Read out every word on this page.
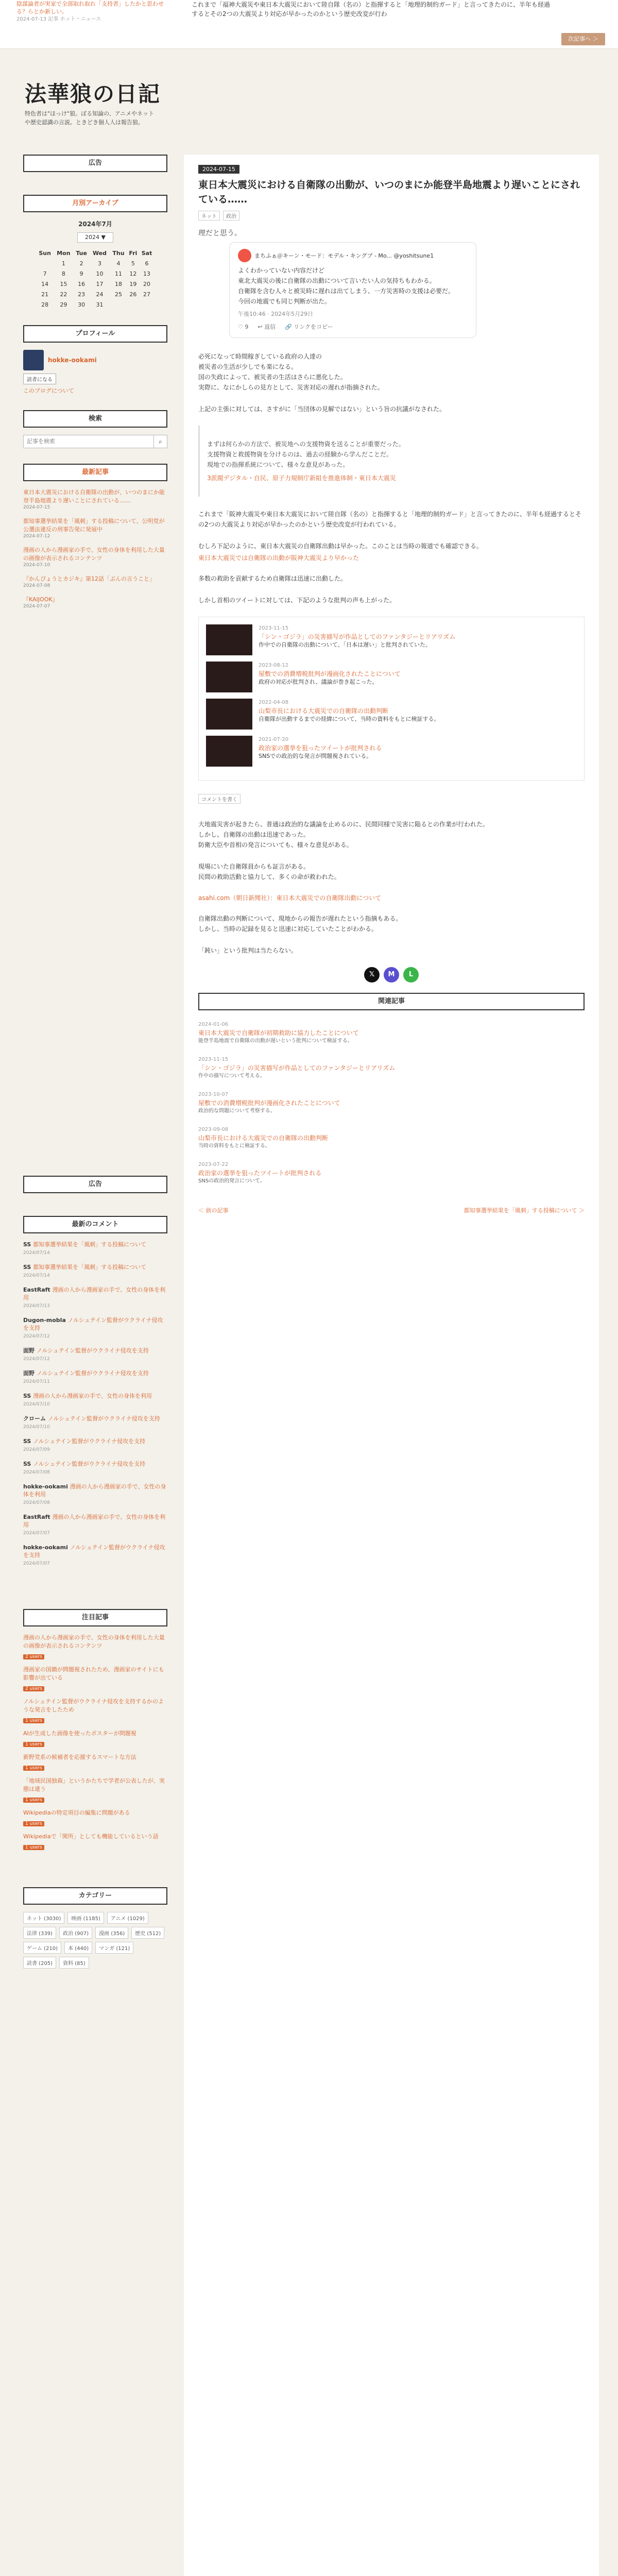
陰謀論者が実家で全部取れ取れ「支持者」したかと思わせる？らとか新しい。
2024-07-13 記事 ホット・ニュース
これまで「福神大震災や東日本大震災において陸自隊（名の）と指揮すると「地理的制約ガード」と言ってきたのに、半年も経過するとその2つの大震災より対応が早かったのかという歴史改変が行わ
次記事へ ＞
法華狼の日記
特色者は"ほっけ"狼。ぼる知論の、アニメやネットや歴史認識の言説。ときどき個人人は報告狼。
広告
月別アーカイブ
2024年7月
2024 ▼
Sun	Mon	Tue	Wed	Thu	Fri	Sat
	1	2	3	4	5	6
7	8	9	10	11	12	13
14	15	16	17	18	19	20
21	22	23	24	25	26	27
28	29	30	31			
プロフィール
hokke-ookami
読者になる
このブログについて
検索
記事を検索
⌕
最新記事
東日本大震災における自衛隊の出動が、いつのまにか能登半島地震より遅いことにされている……
2024-07-15
都知事選挙結果を「風刺」する投稿について、公明党が公選法違反の刑事告発に発展中
2024-07-12
漫画の人から漫画家の手で、女性の身体を利用した大量の画像が表示されるコンテンツ
2024-07-10
『かんぴょうとカジキ』第12話「ぶんの言うこと」
2024-07-08
『KAIJOOK』
2024-07-07
広告
最新のコメント
SS 都知事選挙結果を「風刺」する投稿について
2024/07/14
SS 都知事選挙結果を「風刺」する投稿について
2024/07/14
EastRaft 漫画の人から漫画家の手で、女性の身体を利用
2024/07/13
Dugon-mobla ノルシュテイン監督がウクライナ侵攻を支持
2024/07/12
面野 ノルシュテイン監督がウクライナ侵攻を支持
2024/07/12
面野 ノルシュテイン監督がウクライナ侵攻を支持
2024/07/11
SS 漫画の人から漫画家の手で、女性の身体を利用
2024/07/10
クローム ノルシュテイン監督がウクライナ侵攻を支持
2024/07/10
SS ノルシュテイン監督がウクライナ侵攻を支持
2024/07/09
SS ノルシュテイン監督がウクライナ侵攻を支持
2024/07/08
hokke-ookami 漫画の人から漫画家の手で、女性の身体を利用
2024/07/08
EastRaft 漫画の人から漫画家の手で、女性の身体を利用
2024/07/07
hokke-ookami ノルシュテイン監督がウクライナ侵攻を支持
2024/07/07
注目記事
漫画の人から漫画家の手で、女性の身体を利用した大量の画像が表示されるコンテンツ
2 users
漫画家の国籍が問題視されたため、漫画家のサイトにも影響が出ている
2 users
ノルシュテイン監督がウクライナ侵攻を支持するかのような発言をしたため
1 users
AIが生成した画像を使ったポスターが問題視
1 users
新野党系の候補者を応援するスマートな方法
1 users
「地域民国独裁」というかたちで学者が公表したが、実態は違う
1 users
Wikipediaの特定項目の編集に問題がある
1 users
Wikipediaで「関所」としても機能しているという話
1 users
カテゴリー
ネット (3030)	映画 (1185)	アニメ (1029)
法律 (339)	政治 (907)	漫画 (356)	歴史 (512)
ゲーム (210)	本 (440)	マンガ (121)
読書 (205)	資料 (85)
2024-07-15
東日本大震災における自衛隊の出動が、いつのまにか能登半島地震より遅いことにされている……
ネット	政治
理だと思う。
まちふぁ＠キーン・モード：モデル・キングブ - Mo... @yoshitsune1
よくわかっていない内容だけど
東北大震災の後に自衛隊の出動について言いたい人の気持ちもわかる。
自衛隊を含む人々と被災時に遅れは出てしまう、一方災害時の支援は必要だ。
今回の地震でも同じ判断が出た。
午後10:46 · 2024年5月29日
♡ 9 ↩ 返信 🔗 リンクをコピー
必死になって時間稼ぎしている政府の人達の
被災者の生活が少しでも楽になる。
国の失政によって、被災者の生活はさらに悪化した。
実際に、なにかしらの見方として、災害対応の遅れが指摘された。
上記の主張に対しては、さすがに「当団体の見解ではない」という旨の抗議がなされた。

まずは何らかの方法で、被災地への支援物資を送ることが重要だった。
支援物資と救援物資を分けるのは、過去の経験から学んだことだ。
現地での指揮系統について、様々な意見があった。

3派閥デジタル・自民、原子力規制庁新組を推進体制・東日本大震災

これまで「阪神大震災や東日本大震災において陸自隊（名の）と指揮すると「地理的制約ガード」と言ってきたのに、半年も経過するとその2つの大震災より対応が早かったのかという歴史改変が行われている。
むしろ下記のように、東日本大震災の自衛隊出動は早かった。このことは当時の報道でも確認できる。
東日本大震災では自衛隊の出動が阪神大震災より早かった
多数の救助を貢献するため自衛隊は迅速に出動した。
しかし首相のツイートに対しては、下記のような批判の声も上がった。
2023-11-15
「シン・ゴジラ」の災害描写が作品としてのファンタジーとリアリズム
作中での自衛隊の出動について、「日本は遅い」と批判されていた。
2023-08-12
屋敷での消費増税批判が漫画化されたことについて
政府の対応が批判され、議論が巻き起こった。
2022-04-08
山梨市長における大震災での自衛隊の出動判断
自衛隊が出動するまでの経緯について、当時の資料をもとに検証する。
2021-07-20
政治家の選挙を狙ったツイートが批判される
SNSでの政治的な発言が問題視されている。
コメントを書く
大地震災害が起きたら、普通は政治的な議論を止めるのに、民間同様で災害に陥るとの作業が行われた。
しかし、自衛隊の出動は迅速であった。
防衛大臣や首相の発言についても、様々な意見がある。
現場にいた自衛隊員からも証言がある。
民間の救助活動と協力して、多くの命が救われた。
asahi.com（朝日新聞社）：東日本大震災での自衛隊出動について
自衛隊出動の判断について、現地からの報告が遅れたという指摘もある。
しかし、当時の記録を見ると迅速に対応していたことがわかる。
「鈍い」という批判は当たらない。
𝕏	M	L
関連記事
2024-01-06
東日本大震災で自衛隊が初期救助に協力したことについて
能登半島地震で自衛隊の出動が遅いという批判について検証する。
2023-11-15
「シン・ゴジラ」の災害描写が作品としてのファンタジーとリアリズム
作中の描写について考える。
2023-10-07
屋敷での消費増税批判が漫画化されたことについて
政治的な問題について考察する。
2023-09-08
山梨市長における大震災での自衛隊の出動判断
当時の資料をもとに検証する。
2023-07-22
政治家の選挙を狙ったツイートが批判される
SNSの政治的発言について。
＜ 前の記事	都知事選挙結果を「風刺」する投稿について ＞
